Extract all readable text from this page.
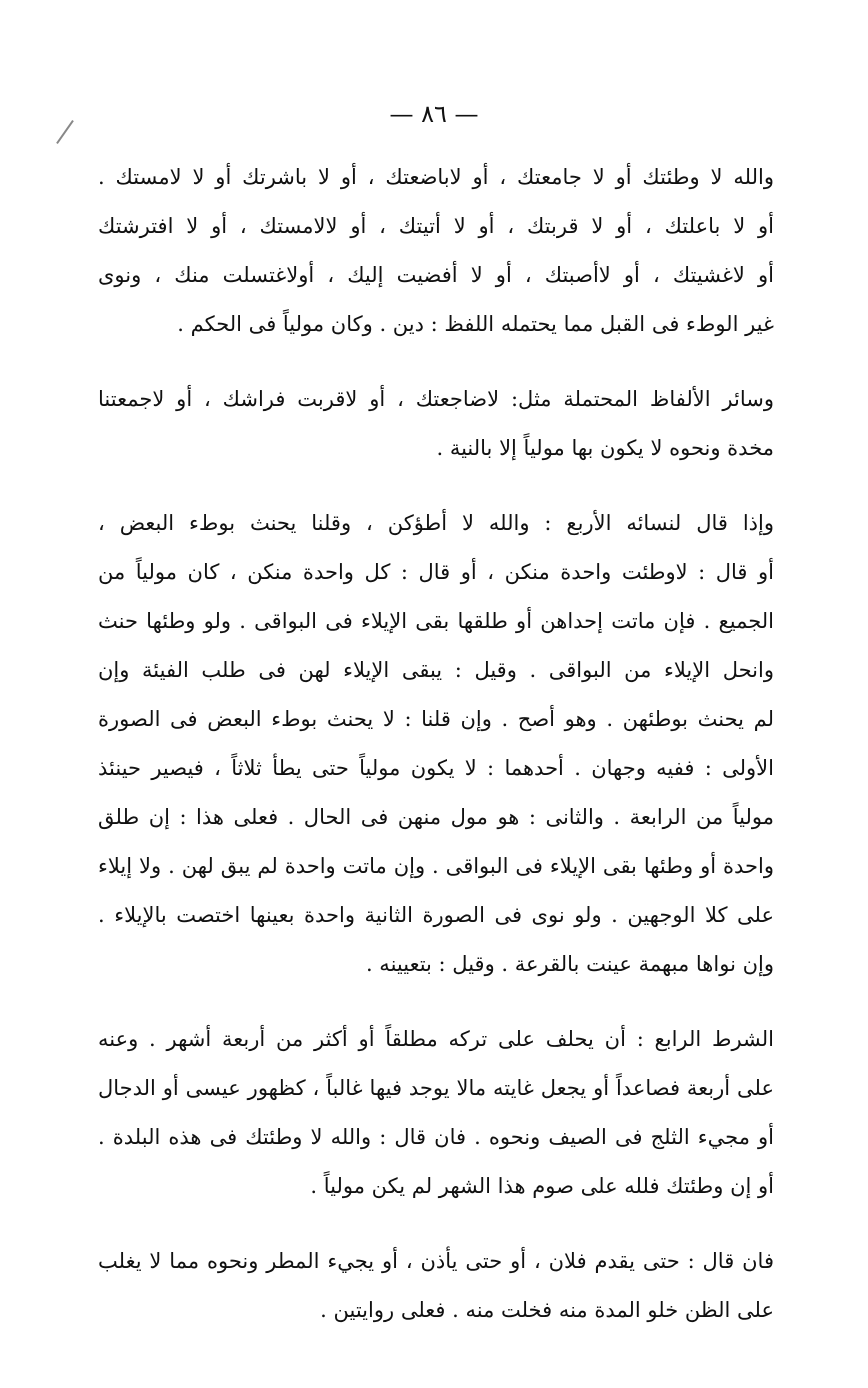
— ٨٦ —
والله لا وطئتك أو لا جامعتك ، أو لاباضعتك ، أو لا باشرتك أو لا لامستك .
أو لا باعلتك ، أو لا قربتك ، أو لا أتيتك ، أو لالامستك ، أو لا افترشتك
أو لاغشيتك ، أو لاأصبتك ، أو لا أفضيت إليك ، أولاغتسلت منك ، ونوى
غير الوطء فى القبل مما يحتمله اللفظ : دين . وكان مولياً فى الحكم .
وسائر الألفاظ المحتملة مثل: لاضاجعتك ، أو لاقربت فراشك ، أو لاجمعتنا
مخدة ونحوه لا يكون بها مولياً إلا بالنية .
وإذا قال لنسائه الأربع : والله لا أطؤكن ، وقلنا يحنث بوطء البعض ،
أو قال : لاوطئت واحدة منكن ، أو قال : كل واحدة منكن ، كان مولياً من
الجميع . فإن ماتت إحداهن أو طلقها بقى الإيلاء فى البواقى . ولو وطئها حنث
وانحل الإيلاء من البواقى . وقيل : يبقى الإيلاء لهن فى طلب الفيئة وإن
لم يحنث بوطئهن . وهو أصح . وإن قلنا : لا يحنث بوطء البعض فى الصورة
الأولى : ففيه وجهان . أحدهما : لا يكون مولياً حتى يطأ ثلاثاً ، فيصير حينئذ
مولياً من الرابعة . والثانى : هو مول منهن فى الحال . فعلى هذا : إن طلق
واحدة أو وطئها بقى الإيلاء فى البواقى . وإن ماتت واحدة لم يبق لهن . ولا إيلاء
على كلا الوجهين . ولو نوى فى الصورة الثانية واحدة بعينها اختصت بالإيلاء .
وإن نواها مبهمة عينت بالقرعة . وقيل : بتعيينه .
الشرط الرابع : أن يحلف على تركه مطلقاً أو أكثر من أربعة أشهر . وعنه
على أربعة فصاعداً أو يجعل غايته مالا يوجد فيها غالباً ، كظهور عيسى أو الدجال
أو مجيء الثلج فى الصيف ونحوه . فان قال : والله لا وطئتك فى هذه البلدة .
أو إن وطئتك فلله على صوم هذا الشهر لم يكن مولياً .
فان قال : حتى يقدم فلان ، أو حتى يأذن ، أو يجيء المطر ونحوه مما لا يغلب
على الظن خلو المدة منه فخلت منه . فعلى روايتين .
